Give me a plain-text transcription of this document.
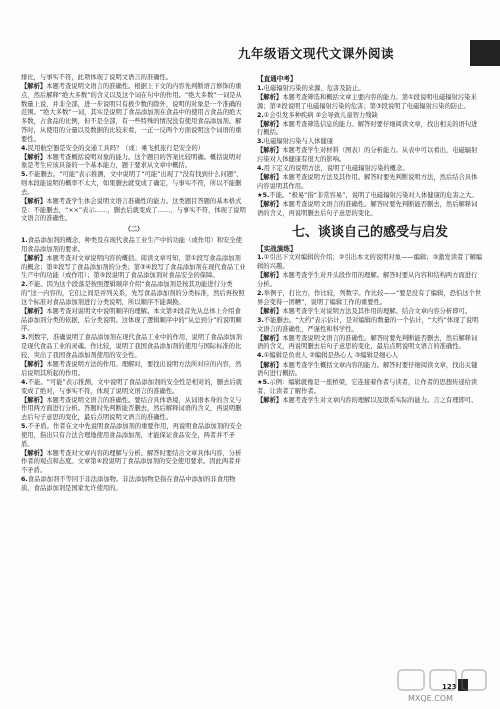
九年级语文现代文课外阅读

排比，与事实不符，此项体现了说明文语言的准确性。

【解析】本题考查说明文语言的准确性。根据上下文的内容先判断语言修饰的重点，然后解释“绝大多数”的含义以及这个词在句中的作用。“绝大多数”一词是从数量上说，并非全部，进一步说明只有极少数的除外，说明的对象是一个准确的范围。“绝大多数”一词，其实是说明了食品添加剂在食品中的使用占食品的绝大多数，占食品的比例，但不是全部，有一些特殊的情况没有使用食品添加剂。解答时，从使用的分量以及数据的比较来看，一正一反两个方面说明这个词语的重要性。

4.民用航空器是安全的交通工具吗？（或：乘飞机旅行是安全的）

【解析】本题考查概括说明对象的能力。这个题目的答案比较明确。概括说明对象是考生应该具备的一个基本能力，题干要求从文章中概括。

5.不能删去。“可能”表示推测，文中说明了“可能”出现了“没有找到什么问题”，则本段能说明的概率不太大，如果删去就变成了确定，与事实不符，所以不能删去。

【解析】本题考查学生体会说明文语言准确性的能力。这类题目答题的基本格式是：不能删去，“××”表示……，删去后就变成了……，与事实不符，体现了说明文语言的准确性。

（二）

1.食品添加剂的概念、种类及在现代食品工业生产中的功能（或作用）和安全使用食品添加剂的要求。

【解析】本题考查对文章说明内容的概括。阅读文章可知，第①段写食品添加剂的概念；第②段写了食品添加剂的分类；第③④段写了食品添加剂在现代食品工业生产中的功能（或作用）；第⑤段说明了食品添加剂对食品安全的保障。

2.不能。因为这个段落是按照逻辑顺序介绍“食品添加剂是按其功能进行分类的”这一内容的，它们之间是并列关系，先写食品添加剂的分类标准，然后再按照这个标准对食品添加剂进行分类说明，所以顺序不能调换。

【解析】本题考查对说明文中说明顺序的理解。本文第②段首先从总体上介绍食品添加剂分类的依据，后分类说明。这体现了逻辑顺序中的“从总到分”的说明顺序。

3.列数字，准确说明了食品添加剂在现代食品工业中的作用，说明了食品添加剂是现代食品工业的灵魂。作比较，说明了我国食品添加剂的使用与国际标准的比较，突出了我国食品添加剂使用的安全性。

【解析】本题考查说明方法的作用。理解时，要找出说明方法所对应的内容，然后说明其所起的作用。

4.不能。“可能”表示推测，文中说明了食品添加剂的安全性是相对的，删去后就变成了绝对，与事实不符，体现了说明文语言的准确性。

【解析】本题考查说明文语言的准确性。要结合具体语境，从词语本身的含义与作用两方面进行分析。答题时先判断能否删去，然后解释词语的含义，再说明删去后句子意思的变化，最后点明说明文语言的准确性。

5.不矛盾。作者在文中先说明食品添加剂的重要作用，再说明食品添加剂的安全使用，指出只有合法合理地使用食品添加剂，才能保证食品安全，两者并不矛盾。

【解析】本题考查对文章内容的理解与分析。解答时要结合文章具体内容，分析作者的观点和态度。文章第④段说明了食品添加剂的安全使用要求。因此两者并不矛盾。

6.食品添加剂不等同于非法添加物。非法添加物是指在食品中添加的非食用物质，食品添加剂是国家允许使用的。

【直通中考】

1.电磁辐射污染的来源、危害及防止。

【解析】本题考查筛选和概括文章主要内容的能力。第①段说明电磁辐射污染来源；第②段说明了电磁辐射污染的危害；第③段说明了电磁辐射污染的防止。

2.①会引发多种疾病 ②会导致儿童智力残缺

【解析】本题考查筛选信息的能力。解答时要仔细阅读文章，找出相关的语句进行概括。

3.电磁辐射污染与人体健康

【解析】本题考查学生对材料（图表）的分析能力。从表中可以看出，电磁辐射污染对人体健康有很大的影响。

4.用下定义的说明方法，说明了电磁辐射污染的概念。

【解析】本题考查说明方法及其作用。解答时要先判断说明方法，然后结合具体内容说明其作用。

★5.不能。“极易”指“非常容易”，说明了电磁辐射污染对人体健康的危害之大。

【解析】本题考查说明文语言的准确性。解答时要先判断能否删去，然后解释词语的含义，再说明删去后句子意思的变化。

七、谈谈自己的感受与启发
【实战演练】

1.①引出下文对编辑的介绍；②引出本文的说明对象——编辑；③激发读者了解编辑的兴趣。

【解析】本题考查学生对开头段作用的理解。解答时要从内容和结构两方面进行分析。

2.举例子，打比方，作比较，列数字。作比较——“要是没有了编辑，恐怕这个世界会变得一团糟”，说明了编辑工作的重要性。

【解析】本题考查学生对说明方法及其作用的理解。结合文章内容分析即可。

3.不能删去。“大约”表示估计，是对编辑的数量的一个估计，“大约”体现了说明文语言的准确性，严谨性和科学性。

【解析】本题考查说明文语言的准确性。解答时要先判断能否删去，然后解释词语的含义，再说明删去后句子意思的变化，最后点明说明文语言的准确性。

4.①编辑是负责人 ②编辑是热心人 ③编辑是细心人

【解析】本题考查学生概括文章内容的能力。解答时要仔细阅读文章，找出关键语句进行概括。

★5.示例：编辑就像是一座桥梁，它连接着作者与读者，让作者的思想传递给读者，让读者了解作者。

【解析】本题考查学生对文章内容的理解以及联系实际的能力。言之有理即可。

123
MXQE.COM
